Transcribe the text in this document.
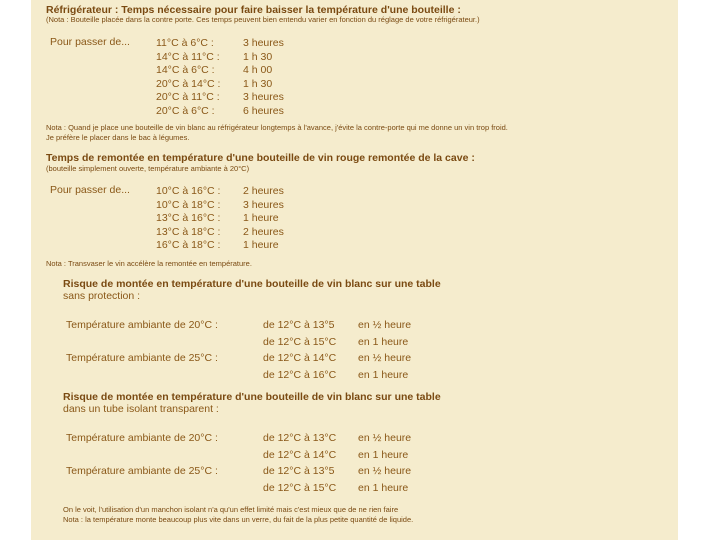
Réfrigérateur : Temps nécessaire pour faire baisser la température d'une bouteille :
(Nota : Bouteille placée dans la contre porte. Ces temps peuvent bien entendu varier en fonction du réglage de votre réfrigérateur.)
Pour passer de... 11°C à 6°C :	3 heures
14°C à 11°C : 1 h 30
14°C à 6°C :	4 h 00
20°C à 14°C : 1 h 30
20°C à 11°C : 3 heures
20°C à 6°C :	6 heures
Nota : Quand je place une bouteille de vin blanc au réfrigérateur longtemps à l'avance, j'évite la contre-porte qui me donne un vin trop froid.
Je préfère le placer dans le bac à légumes.
Temps de remontée en température d'une bouteille de vin rouge remontée de la cave :
(bouteille simplement ouverte, température ambiante à 20°C)
Pour passer de... 10°C à 16°C : 2 heures
10°C à 18°C : 3 heures
13°C à 16°C : 1 heure
13°C à 18°C : 2 heures
16°C à 18°C : 1 heure
Nota : Transvaser le vin accélère la remontée en température.
Risque de montée en température d'une bouteille de vin blanc sur une table
sans protection :
Température ambiante de 20°C :	de 12°C à 13°5 en ½ heure
de 12°C à 15°C en 1 heure
Température ambiante de 25°C :	de 12°C à 14°C en ½ heure
de 12°C à 16°C en 1 heure
Risque de montée en température d'une bouteille de vin blanc sur une table
dans un tube isolant transparent :
Température ambiante de 20°C :	de 12°C à 13°C en ½ heure
de 12°C à 14°C en 1 heure
Température ambiante de 25°C :	de 12°C à 13°5 en ½ heure
de 12°C à 15°C en 1 heure
On le voit, l'utilisation d'un manchon isolant n'a qu'un effet limité mais c'est mieux que de ne rien faire
Nota : la température monte beaucoup plus vite dans un verre, du fait de la plus petite quantité de liquide.
